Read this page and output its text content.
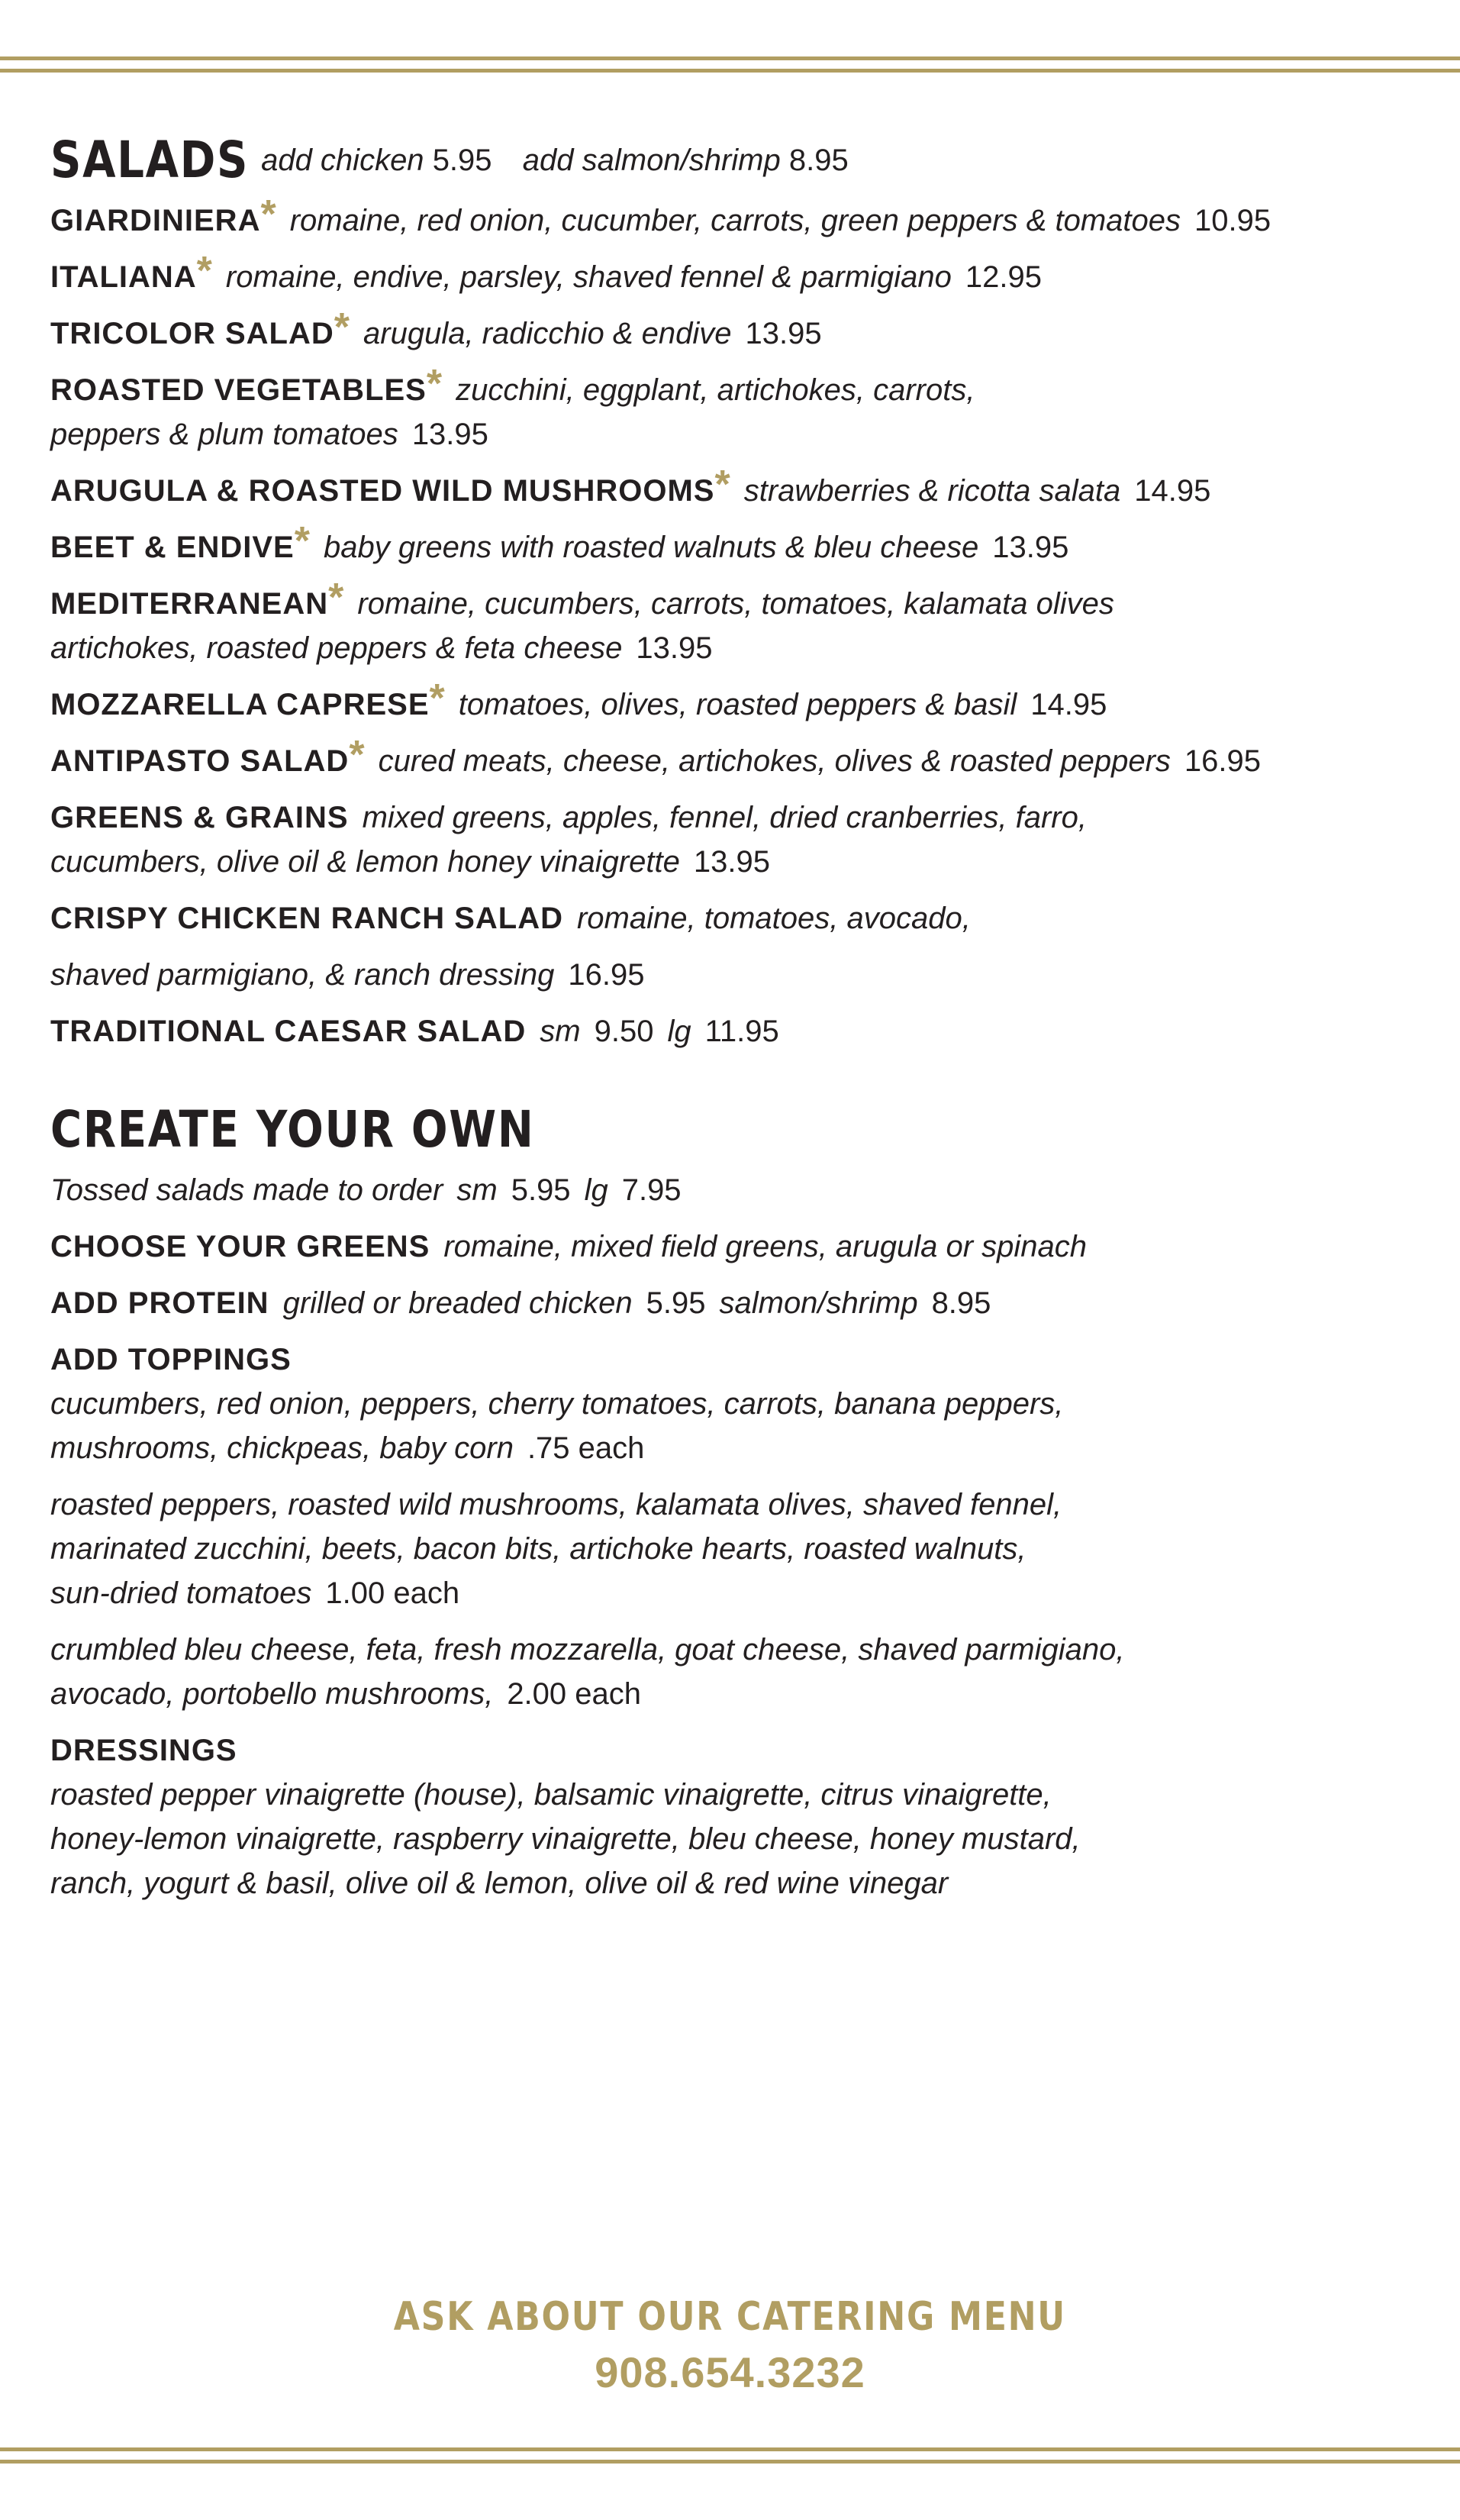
SALADS add chicken 5.95 add salmon/shrimp 8.95

GIARDINIERA* romaine, red onion, cucumber, carrots, green peppers & tomatoes 10.95

ITALIANA* romaine, endive, parsley, shaved fennel & parmigiano 12.95

TRICOLOR SALAD* arugula, radicchio & endive 13.95

ROASTED VEGETABLES* zucchini, eggplant, artichokes, carrots,

peppers & plum tomatoes 13.95

ARUGULA & ROASTED WILD MUSHROOMS* strawberries & ricotta salata 14.95

BEET & ENDIVE* baby greens with roasted walnuts & bleu cheese 13.95

MEDITERRANEAN* romaine, cucumbers, carrots, tomatoes, kalamata olives

artichokes, roasted peppers & feta cheese 13.95

MOZZARELLA CAPRESE* tomatoes, olives, roasted peppers & basil 14.95

ANTIPASTO SALAD* cured meats, cheese, artichokes, olives & roasted peppers 16.95

GREENS & GRAINS mixed greens, apples, fennel, dried cranberries, farro,

cucumbers, olive oil & lemon honey vinaigrette 13.95

CRISPY CHICKEN RANCH SALAD romaine, tomatoes, avocado,

shaved parmigiano, & ranch dressing 16.95

TRADITIONAL CAESAR SALAD sm 9.50 lg 11.95

CREATE YOUR OWN

Tossed salads made to order sm 5.95 lg 7.95

CHOOSE YOUR GREENS romaine, mixed field greens, arugula or spinach

ADD PROTEIN grilled or breaded chicken 5.95 salmon/shrimp 8.95

ADD TOPPINGS

cucumbers, red onion, peppers, cherry tomatoes, carrots, banana peppers,

mushrooms, chickpeas, baby corn .75 each

roasted peppers, roasted wild mushrooms, kalamata olives, shaved fennel,

marinated zucchini, beets, bacon bits, artichoke hearts, roasted walnuts,

sun-dried tomatoes 1.00 each

crumbled bleu cheese, feta, fresh mozzarella, goat cheese, shaved parmigiano,

avocado, portobello mushrooms, 2.00 each

DRESSINGS

roasted pepper vinaigrette (house), balsamic vinaigrette, citrus vinaigrette,

honey-lemon vinaigrette, raspberry vinaigrette, bleu cheese, honey mustard,

ranch, yogurt & basil, olive oil & lemon, olive oil & red wine vinegar

ASK ABOUT OUR CATERING MENU
908.654.3232
